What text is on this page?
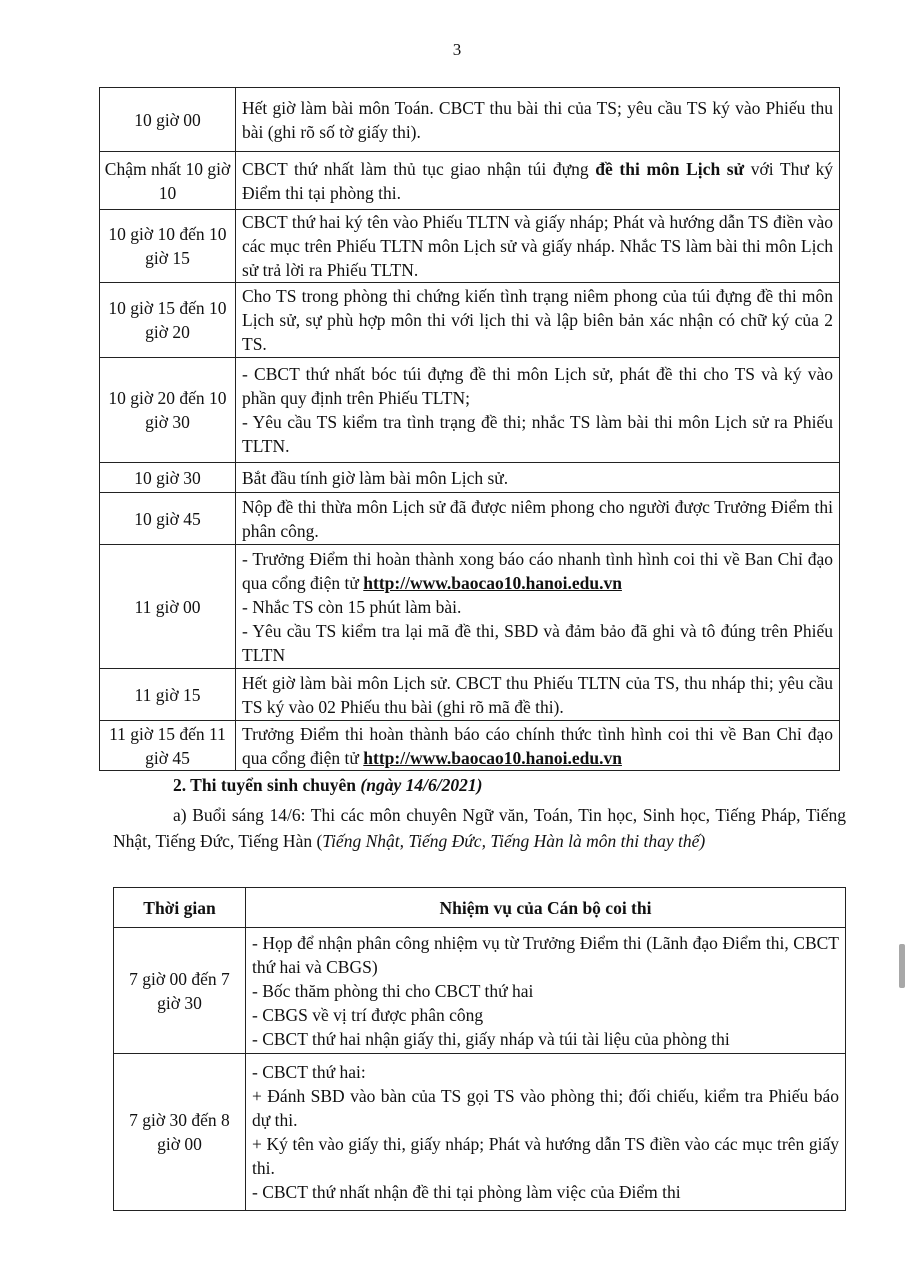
3
10 giờ 00	Hết giờ làm bài môn Toán. CBCT thu bài thi của TS; yêu cầu TS ký vào Phiếu thu bài (ghi rõ số tờ giấy thi).

Chậm nhất 10 giờ 10	CBCT thứ nhất làm thủ tục giao nhận túi đựng đề thi môn Lịch sử với Thư ký Điểm thi tại phòng thi.
10 giờ 10 đến 10 giờ 15	CBCT thứ hai ký tên vào Phiếu TLTN và giấy nháp; Phát và hướng dẫn TS điền vào các mục trên Phiếu TLTN môn Lịch sử và giấy nháp. Nhắc TS làm bài thi môn Lịch sử trả lời ra Phiếu TLTN.

10 giờ 15 đến 10 giờ 20	Cho TS trong phòng thi chứng kiến tình trạng niêm phong của túi đựng đề thi môn Lịch sử, sự phù hợp môn thi với lịch thi và lập biên bản xác nhận có chữ ký của 2 TS.

10 giờ 20 đến 10 giờ 30	- CBCT thứ nhất bóc túi đựng đề thi môn Lịch sử, phát đề thi cho TS và ký vào phần quy định trên Phiếu TLTN;
- Yêu cầu TS kiểm tra tình trạng đề thi; nhắc TS làm bài thi môn Lịch sử ra Phiếu TLTN.

10 giờ 30	Bắt đầu tính giờ làm bài môn Lịch sử.

10 giờ 45	Nộp đề thi thừa môn Lịch sử đã được niêm phong cho người được Trưởng Điểm thi phân công.

11 giờ 00	- Trưởng Điểm thi hoàn thành xong báo cáo nhanh tình hình coi thi về Ban Chỉ đạo qua cổng điện tử http://www.baocao10.hanoi.edu.vn
- Nhắc TS còn 15 phút làm bài.
- Yêu cầu TS kiểm tra lại mã đề thi, SBD và đảm bảo đã ghi và tô đúng trên Phiếu TLTN

11 giờ 15	Hết giờ làm bài môn Lịch sử. CBCT thu Phiếu TLTN của TS, thu nháp thi; yêu cầu TS ký vào 02 Phiếu thu bài (ghi rõ mã đề thi).

11 giờ 15 đến 11 giờ 45	Trưởng Điểm thi hoàn thành báo cáo chính thức tình hình coi thi về Ban Chỉ đạo qua cổng điện tử http://www.baocao10.hanoi.edu.vn
2. Thi tuyển sinh chuyên (ngày 14/6/2021)
a) Buổi sáng 14/6: Thi các môn chuyên Ngữ văn, Toán, Tin học, Sinh học, Tiếng Pháp, Tiếng Nhật, Tiếng Đức, Tiếng Hàn (Tiếng Nhật, Tiếng Đức, Tiếng Hàn là môn thi thay thế)
Thời gian	Nhiệm vụ của Cán bộ coi thi
7 giờ 00 đến 7 giờ 30	- Họp để nhận phân công nhiệm vụ từ Trưởng Điểm thi (Lãnh đạo Điểm thi, CBCT thứ hai và CBGS)
- Bốc thăm phòng thi cho CBCT thứ hai
- CBGS về vị trí được phân công
- CBCT thứ hai nhận giấy thi, giấy nháp và túi tài liệu của phòng thi

7 giờ 30 đến 8 giờ 00	- CBCT thứ hai:
+ Đánh SBD vào bàn của TS gọi TS vào phòng thi; đối chiếu, kiểm tra Phiếu báo dự thi.
+ Ký tên vào giấy thi, giấy nháp; Phát và hướng dẫn TS điền vào các mục trên giấy thi.
- CBCT thứ nhất nhận đề thi tại phòng làm việc của Điểm thi
